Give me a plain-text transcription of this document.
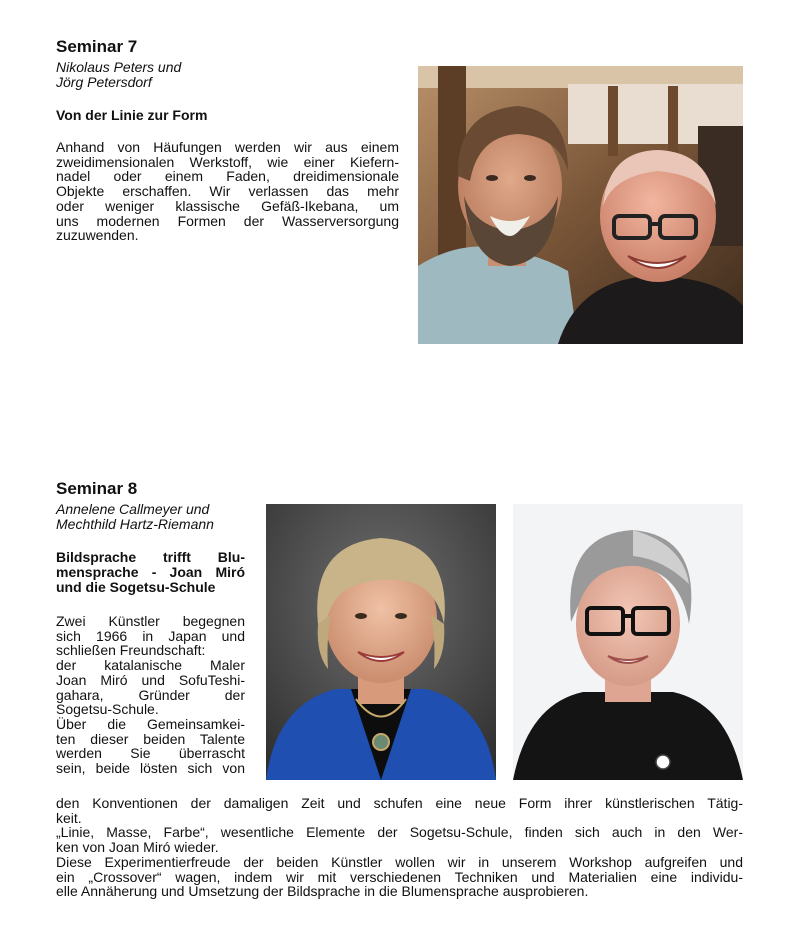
Seminar 7
Nikolaus Peters und
Jörg Petersdorf
Von der Linie zur Form

Anhand von Häufungen werden wir aus einem

zweidimensionalen Werkstoff, wie einer Kiefern-

nadel oder einem Faden, dreidimensionale

Objekte erschaffen. Wir verlassen das mehr

oder weniger klassische Gefäß-Ikebana, um

uns modernen Formen der Wasserversorgung

zuzuwenden.

Seminar 8
Annelene Callmeyer und
Mechthild Hartz-Riemann
Bildsprache trifft Blu-
mensprache - Joan Miró
und die Sogetsu-Schule

Zwei Künstler begegnen

sich 1966 in Japan und

schließen Freundschaft:

der katalanische Maler

Joan Miró und SofuTeshi-

gahara, Gründer der

Sogetsu-Schule.

Über die Gemeinsamkei-

ten dieser beiden Talente

werden Sie überrascht

sein, beide lösten sich von

den Konventionen der damaligen Zeit und schufen eine neue Form ihrer künstlerischen Tätig-

keit.

„Linie, Masse, Farbe“, wesentliche Elemente der Sogetsu-Schule, finden sich auch in den Wer-

ken von Joan Miró wieder.

Diese Experimentierfreude der beiden Künstler wollen wir in unserem Workshop aufgreifen und

ein „Crossover“ wagen, indem wir mit verschiedenen Techniken und Materialien eine individu-

elle Annäherung und Umsetzung der Bildsprache in die Blumensprache ausprobieren.
